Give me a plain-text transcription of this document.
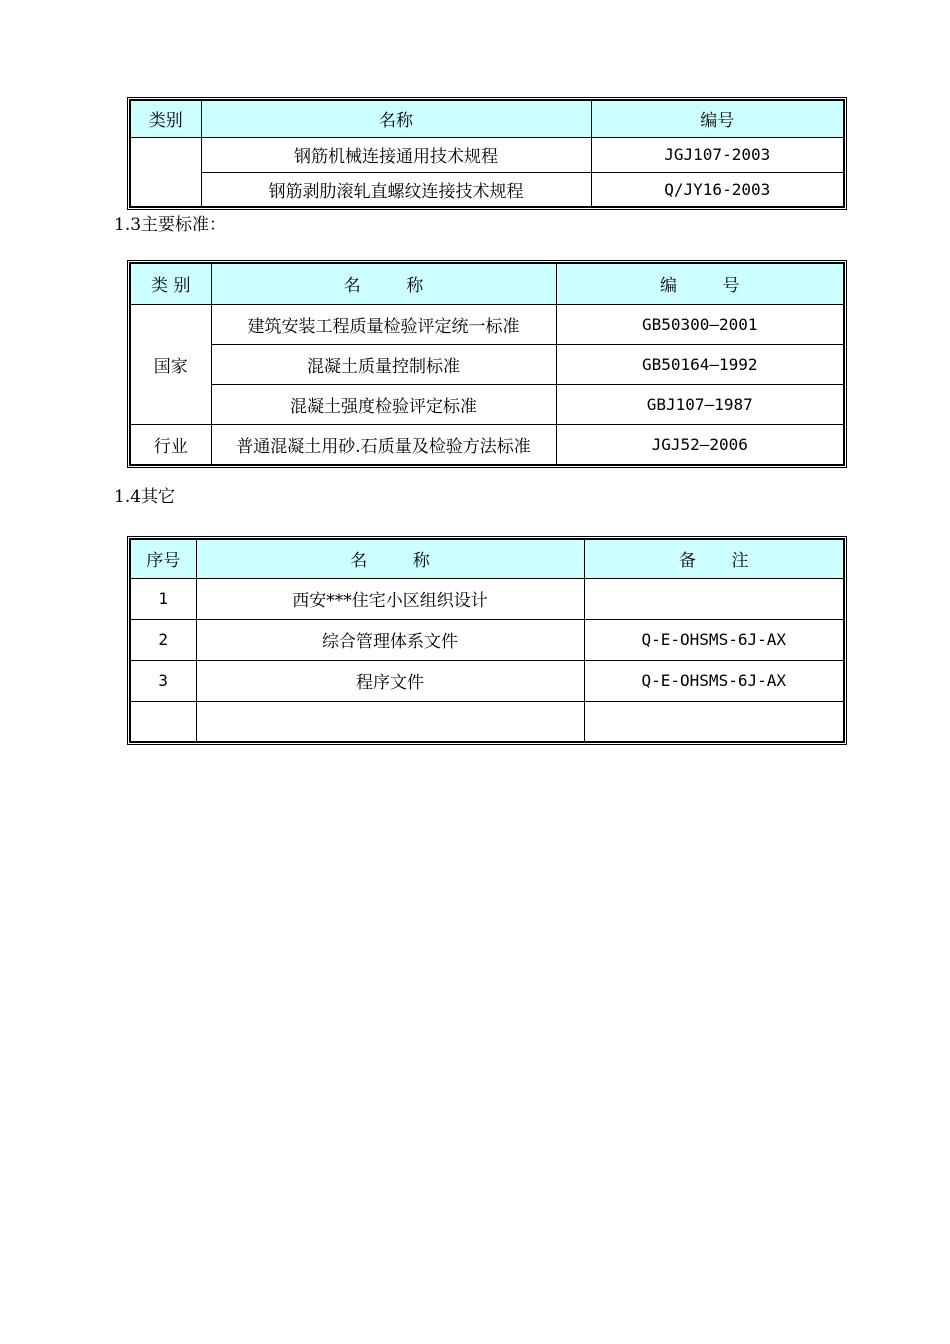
类别	名称	编号
	钢筋机械连接通用技术规程	JGJ107-2003
	钢筋剥肋滚轧直螺纹连接技术规程	Q/JY16-2003
1.3主要标准：
类 别	名 称	编 号
国家	建筑安装工程质量检验评定统一标准	GB50300—2001
	混凝土质量控制标准	GB50164—1992
	混凝土强度检验评定标准	GBJ107—1987
行业	普通混凝土用砂.石质量及检验方法标准	JGJ52—2006
1.4其它
序号	名 称	备 注
1	西安***住宅小区组织设计	
2	综合管理体系文件	Q-E-OHSMS-6J-AX
3	程序文件	Q-E-OHSMS-6J-AX
